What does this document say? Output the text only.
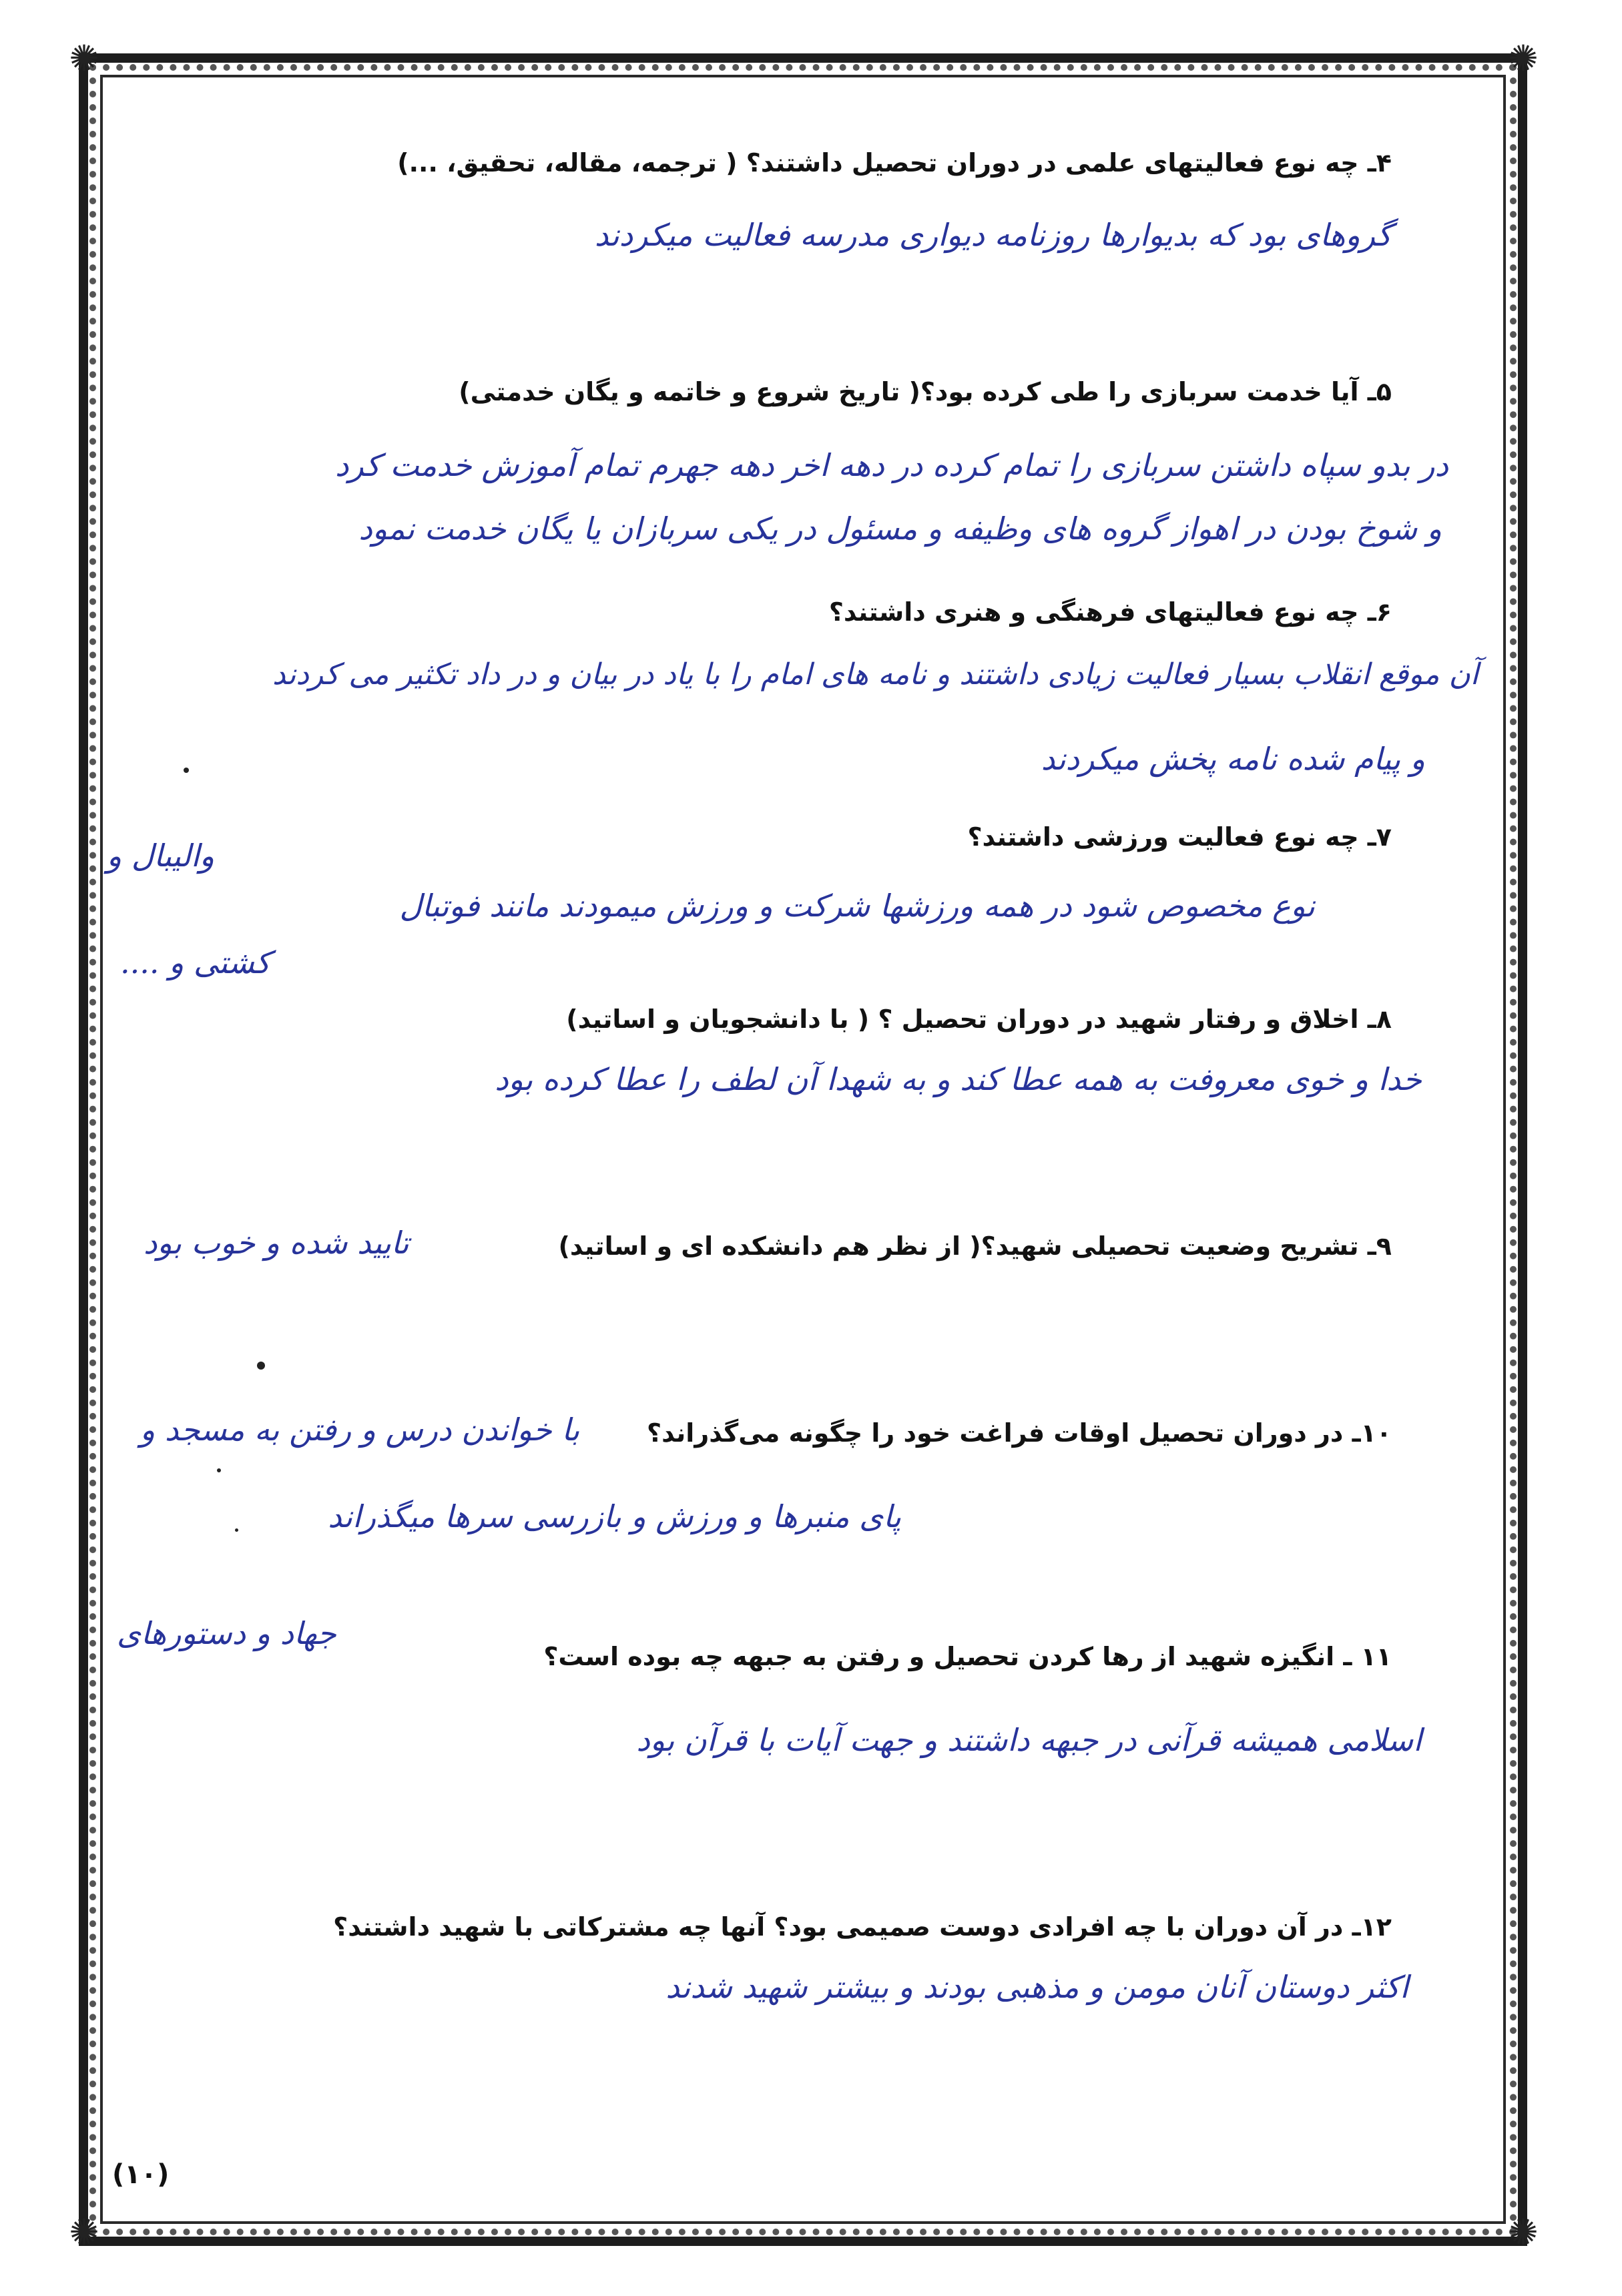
✺	✺
✺	✺
۴ـ چه نوع فعالیتهای علمی در دوران تحصیل داشتند؟ ( ترجمه، مقاله، تحقیق، ...)
گروهای بود که بدیوارها روزنامه دیواری مدرسه فعالیت میکردند
۵ـ آیا خدمت سربازی را طی کرده بود؟( تاریخ شروع و خاتمه و یگان خدمتی)
در بدو سپاه داشتن سربازی را تمام کرده در دهه اخر دهه جهرم تمام آموزش خدمت کرد
و شوخ بودن در اهواز گروه های وظیفه و مسئول در یکی سربازان یا یگان خدمت نمود
۶ـ چه نوع فعالیتهای فرهنگی و هنری داشتند؟
آن موقع انقلاب بسیار فعالیت زیادی داشتند و نامه های امام را با یاد در بیان و در داد تکثیر می کردند
و پیام شده نامه پخش میکردند
۷ـ چه نوع فعالیت ورزشی داشتند؟
والیبال و
نوع مخصوص شود در همه ورزشها شرکت و ورزش میمودند مانند فوتبال
کشتی و ....
۸ـ اخلاق و رفتار شهید در دوران تحصیل ؟ ( با دانشجویان و اساتید)
خدا و خوی معروفت به همه عطا کند و به شهدا آن لطف را عطا کرده بود
۹ـ تشریح وضعیت تحصیلی شهید؟( از نظر هم دانشکده ای و اساتید)
تایید شده و خوب بود
۱۰ـ در دوران تحصیل اوقات فراغت خود را چگونه می‌گذراند؟
با خواندن درس و رفتن به مسجد و
پای منبرها و ورزش و بازرسی سرها میگذراند
۱۱ ـ انگیزه شهید از رها کردن تحصیل و رفتن به جبهه چه بوده است؟
جهاد و دستورهای
اسلامی همیشه قرآنی در جبهه داشتند و جهت آیات با قرآن بود
۱۲ـ در آن دوران با چه افرادی دوست صمیمی بود؟ آنها چه مشترکاتی با شهید داشتند؟
اکثر دوستان آنان مومن و مذهبی بودند و بیشتر شهید شدند
(۱۰)
